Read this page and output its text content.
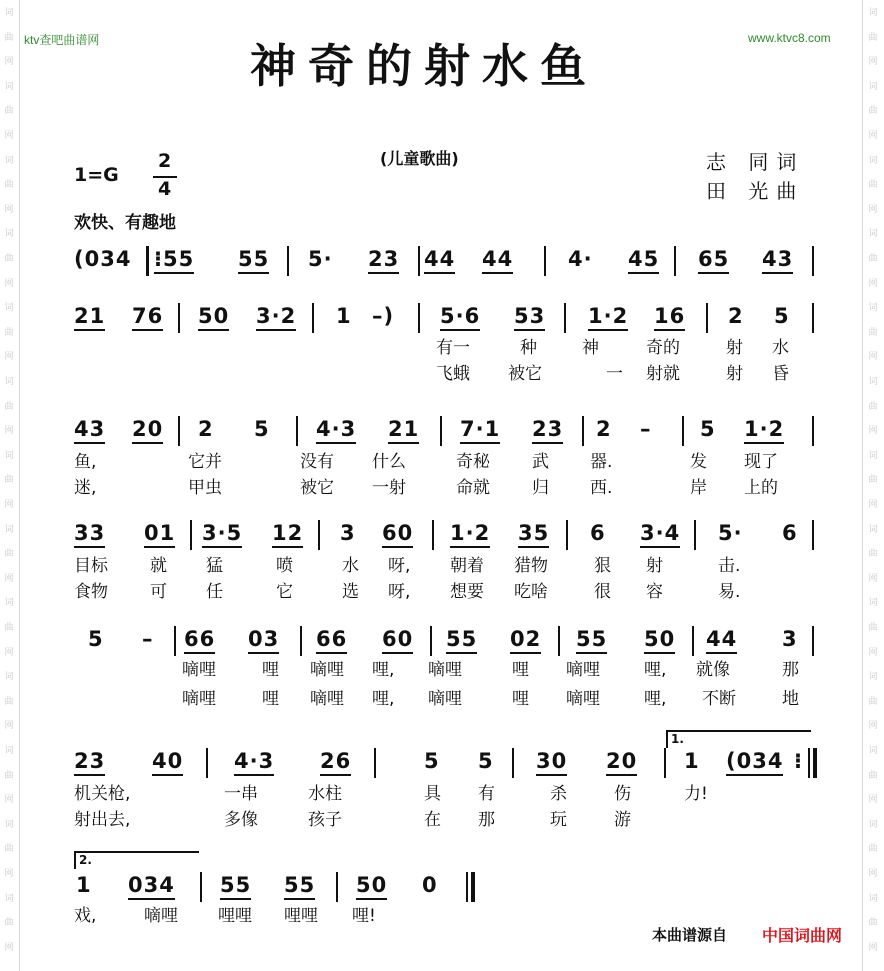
词
曲
网
词
曲
网
词
曲
网
词
曲
网
词
曲
网
词
曲
网
词
曲
网
词
曲
网
词
曲
网
词
曲
网
词
曲
网
词
曲
网
词
曲
网
词
曲
网
词
曲
网
词
曲
网
词
曲
网
词
曲
网
词
曲
网
词
曲
网
词
曲
网
词
曲
网
词
曲
网
词
曲
网
词
曲
网
词
曲
网
ktv查吧曲谱网	www.ktvc8.com
神奇的射水鱼
(儿童歌曲)
1=G
2
4
欢快、有趣地
志 同词
田 光曲
(034 ⁝55 55 5· 23 44 44	4· 45 65 43
21 76 50 3·2 1 –) 5·6 53 1·2 16 2 5
有一	种	神	奇的	射 水
飞蛾 被它	一 射就	射 昏
43 20 2 5 4·3 21 7·1 23 2 – 5 1·2
鱼,	它并	没有 什么	奇秘 武 器.	发 现了
迷,	甲虫	被它 一射	命就 归 西.	岸 上的
33 01 3·5 12 3 60 1·2 35 6 3·4 5· 6
目标 就 猛	喷	水 呀, 朝着 猎物	狠 射	击.
食物 可 任	它	选 呀, 想要 吃啥	很 容	易.
5 – 66 03 66 60 55 02 55 50 44 3
嘀哩	哩 嘀哩 哩, 嘀哩	哩 嘀哩	哩, 就像	那
嘀哩	哩 嘀哩 哩, 嘀哩	哩 嘀哩	哩, 不断	地
1.
23 40 4·3 26	5 5 30 20 1 (034 ⁝
机关枪,	一串	水柱	具 有	杀	伤	力!
射出去,	多像	孩子	在 那	玩	游
2.
1 034 55 55 50 0
戏,	嘀哩 哩哩 哩哩 哩!
本曲谱源自 中国词曲网
